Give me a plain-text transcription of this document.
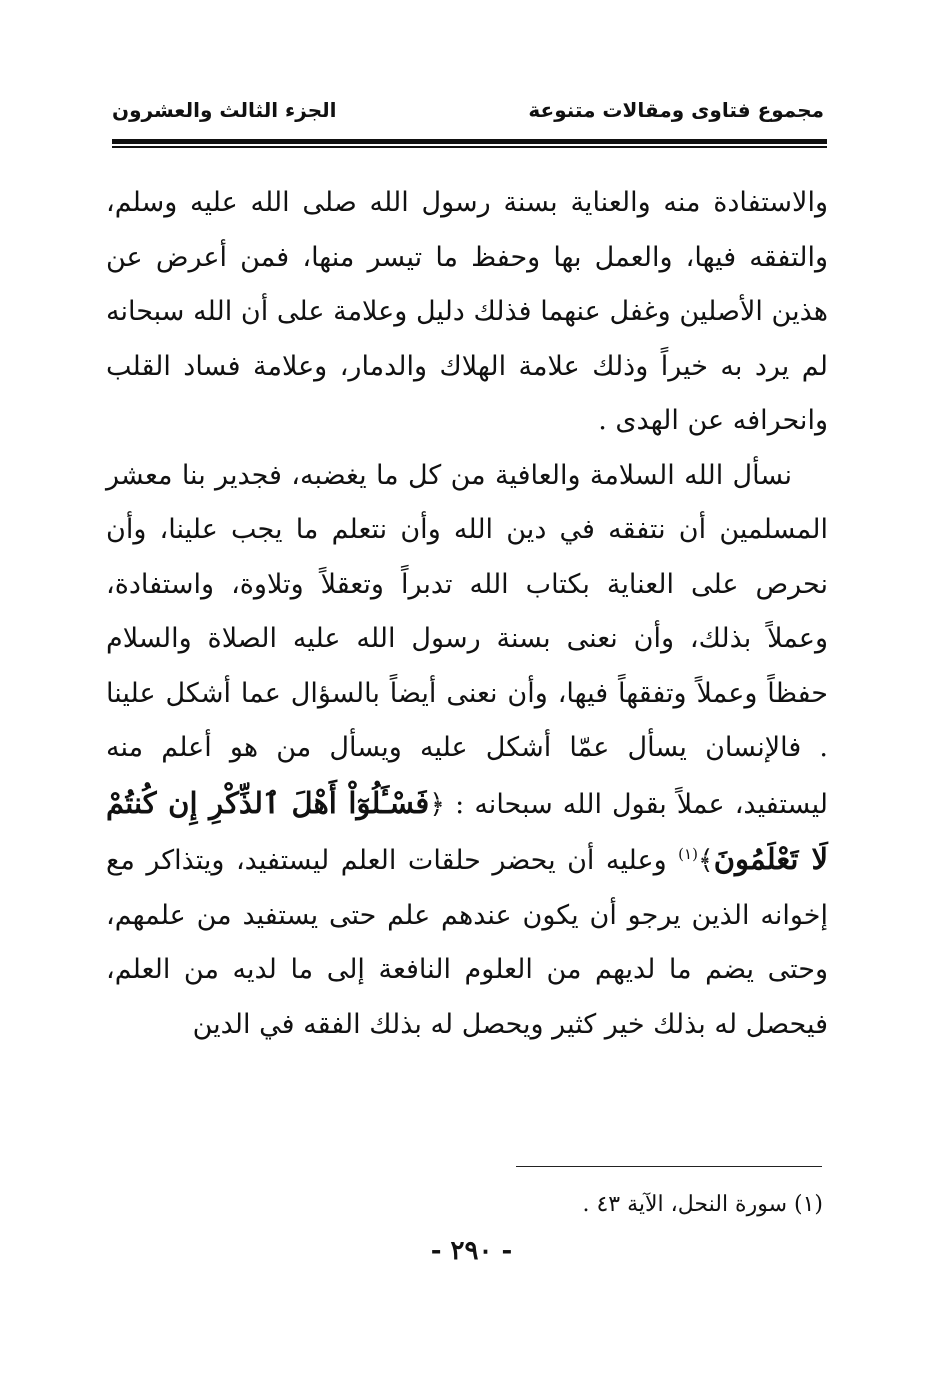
مجموع فتاوى ومقالات متنوعة
الجزء الثالث والعشرون

والاستفادة منه والعناية بسنة رسول الله صلى الله عليه وسلم، والتفقه فيها، والعمل بها وحفظ ما تيسر منها، فمن أعرض عن هذين الأصلين وغفل عنهما فذلك دليل وعلامة على أن الله سبحانه لم يرد به خيراً وذلك علامة الهلاك والدمار، وعلامة فساد القلب وانحرافه عن الهدى .

نسأل الله السلامة والعافية من كل ما يغضبه، فجدير بنا معشر المسلمين أن نتفقه في دين الله وأن نتعلم ما يجب علينا، وأن نحرص على العناية بكتاب الله تدبراً وتعقلاً وتلاوة، واستفادة، وعملاً بذلك، وأن نعنى بسنة رسول الله عليه الصلاة والسلام حفظاً وعملاً وتفقهاً فيها، وأن نعنى أيضاً بالسؤال عما أشكل علينا . فالإنسان يسأل عمّا أشكل عليه ويسأل من هو أعلم منه ليستفيد، عملاً بقول الله سبحانه : ﴿فَسْـَٔلُوٓاْ أَهْلَ ٱلذِّكْرِ إِن كُنتُمْ لَا تَعْلَمُونَ﴾$^{(١)}$ وعليه أن يحضر حلقات العلم ليستفيد، ويتذاكر مع إخوانه الذين يرجو أن يكون عندهم علم حتى يستفيد من علمهم، وحتى يضم ما لديهم من العلوم النافعة إلى ما لديه من العلم، فيحصل له بذلك خير كثير ويحصل له بذلك الفقه في الدين

(١) سورة النحل، الآية ٤٣ .
- ٢٩٠ -
